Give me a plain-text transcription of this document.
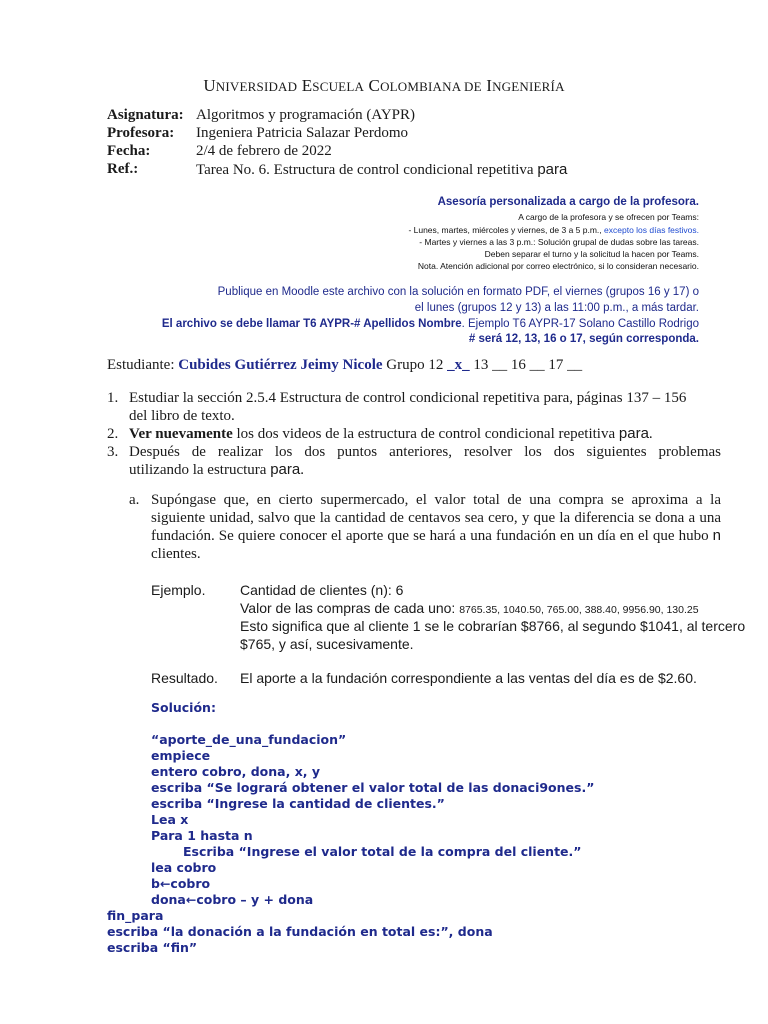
UNIVERSIDAD ESCUELA COLOMBIANA DE INGENIERÍA
Asignatura: Algoritmos y programación (AYPR)
Profesora: Ingeniera Patricia Salazar Perdomo
Fecha:	2/4 de febrero de 2022
Ref.:	Tarea No. 6. Estructura de control condicional repetitiva para
Asesoría personalizada a cargo de la profesora.
A cargo de la profesora y se ofrecen por Teams:
- Lunes, martes, miércoles y viernes, de 3 a 5 p.m., excepto los días festivos.
- Martes y viernes a las 3 p.m.: Solución grupal de dudas sobre las tareas.
Deben separar el turno y la solicitud la hacen por Teams.
Nota. Atención adicional por correo electrónico, si lo consideran necesario.
Publique en Moodle este archivo con la solución en formato PDF, el viernes (grupos 16 y 17) o
el lunes (grupos 12 y 13) a las 11:00 p.m., a más tardar.
El archivo se debe llamar T6 AYPR-# Apellidos Nombre. Ejemplo T6 AYPR-17 Solano Castillo Rodrigo
# será 12, 13, 16 o 17, según corresponda.
Estudiante: Cubides Gutiérrez Jeimy Nicole Grupo 12 _x_ 13 __ 16 __ 17 __
1. Estudiar la sección 2.5.4 Estructura de control condicional repetitiva para, páginas 137 – 156
del libro de texto.
2. Ver nuevamente los dos videos de la estructura de control condicional repetitiva para.
3. Después de realizar los dos puntos anteriores, resolver los dos siguientes problemas
utilizando la estructura para.
a. Supóngase que, en cierto supermercado, el valor total de una compra se aproxima a la siguiente unidad, salvo que la cantidad de centavos sea cero, y que la diferencia se dona a una fundación. Se quiere conocer el aporte que se hará a una fundación en un día en el que hubo n clientes.
Ejemplo. Cantidad de clientes (n): 6
Valor de las compras de cada uno: 8765.35, 1040.50, 765.00, 388.40, 9956.90, 130.25
Esto significa que al cliente 1 se le cobrarían $8766, al segundo $1041, al tercero
$765, y así, sucesivamente.
Resultado. El aporte a la fundación correspondiente a las ventas del día es de $2.60.
Solución:
“aporte_de_una_fundacion”
empiece
entero cobro, dona, x, y
escriba “Se logrará obtener el valor total de las donaci9ones.”
escriba “Ingrese la cantidad de clientes.”
Lea x
Para 1 hasta n
Escriba “Ingrese el valor total de la compra del cliente.”
lea cobro
b←cobro
dona←cobro – y + dona
fin_para
escriba “la donación a la fundación en total es:”, dona
escriba “fin”
